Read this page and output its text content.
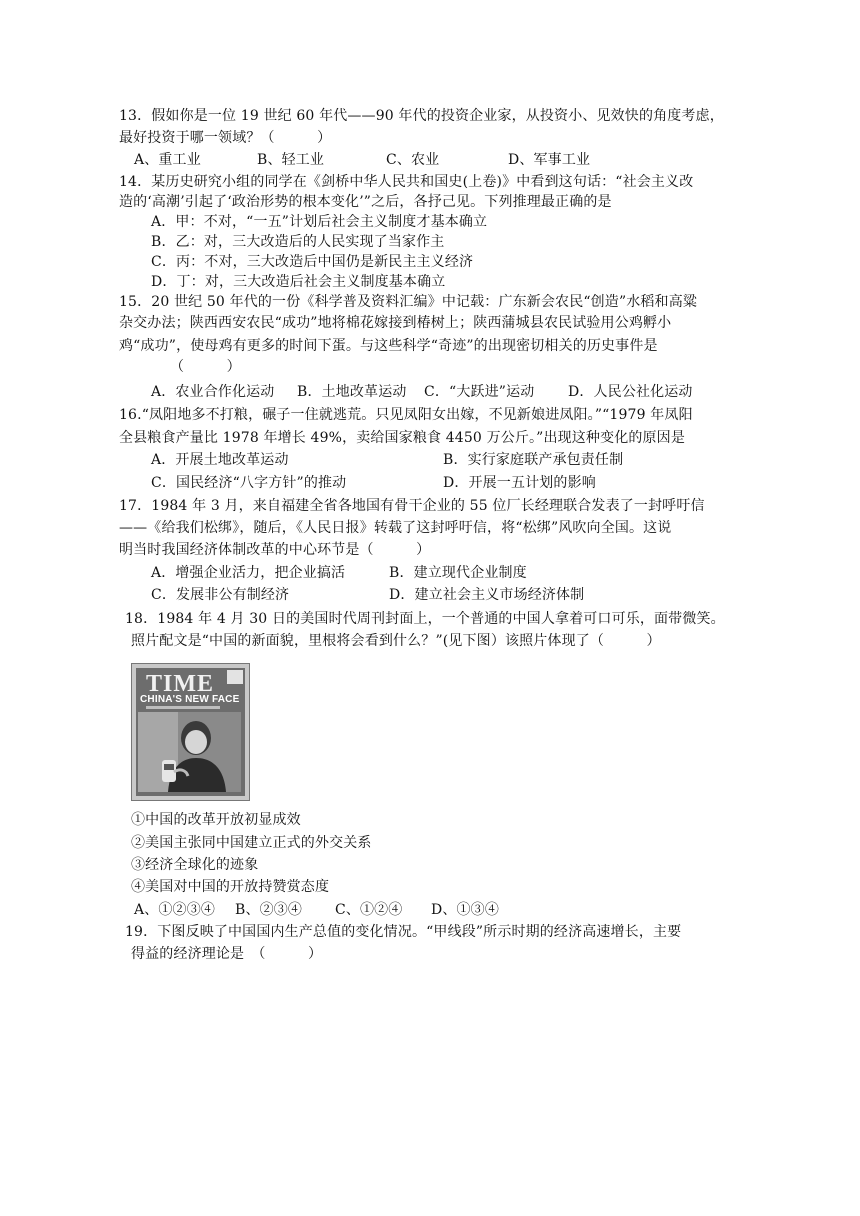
13．假如你是一位 19 世纪 60 年代——90 年代的投资企业家，从投资小、见效快的角度考虑，
最好投资于哪一领域？（　　　）
A、重工业	B、轻工业	C、农业	D、军事工业
14．某历史研究小组的同学在《剑桥中华人民共和国史(上卷)》中看到这句话：“社会主义改
造的‘高潮’引起了‘政治形势的根本变化’”之后，各抒己见。下列推理最正确的是
A．甲：不对，“一五”计划后社会主义制度才基本确立
B．乙：对，三大改造后的人民实现了当家作主
C．丙：不对，三大改造后中国仍是新民主主义经济
D．丁：对，三大改造后社会主义制度基本确立
15．20 世纪 50 年代的一份《科学普及资料汇编》中记载：广东新会农民“创造”水稻和高粱
杂交办法；陕西西安农民“成功”地将棉花嫁接到椿树上；陕西蒲城县农民试验用公鸡孵小
鸡“成功”，使母鸡有更多的时间下蛋。与这些科学“奇迹”的出现密切相关的历史事件是
（　　　）
A．农业合作化运动	B．土地改革运动	C．“大跃进”运动	D．人民公社化运动
16.“凤阳地多不打粮，碾子一住就逃荒。只见凤阳女出嫁，不见新娘进凤阳。”“1979 年凤阳
全县粮食产量比 1978 年增长 49%，卖给国家粮食 4450 万公斤。”出现这种变化的原因是
A．开展土地改革运动	B．实行家庭联产承包责任制
C．国民经济“八字方针”的推动	D．开展一五计划的影响
17．1984 年 3 月，来自福建全省各地国有骨干企业的 55 位厂长经理联合发表了一封呼吁信
——《给我们松绑》，随后，《人民日报》转载了这封呼吁信，将“松绑”风吹向全国。这说
明当时我国经济体制改革的中心环节是（　　　）
A．增强企业活力，把企业搞活	B．建立现代企业制度
C．发展非公有制经济	D．建立社会主义市场经济体制
18．1984 年 4 月 30 日的美国时代周刊封面上，一个普通的中国人拿着可口可乐，面带微笑。
照片配文是“中国的新面貌，里根将会看到什么？”(见下图）该照片体现了（　　　）
TIME
CHINA'S NEW FACE
①中国的改革开放初显成效
②美国主张同中国建立正式的外交关系
③经济全球化的迹象
④美国对中国的开放持赞赏态度
A、①②③④	B、②③④	C、①②④	D、①③④
19．下图反映了中国国内生产总值的变化情况。“甲线段”所示时期的经济高速增长，主要
得益的经济理论是　（　　　）
